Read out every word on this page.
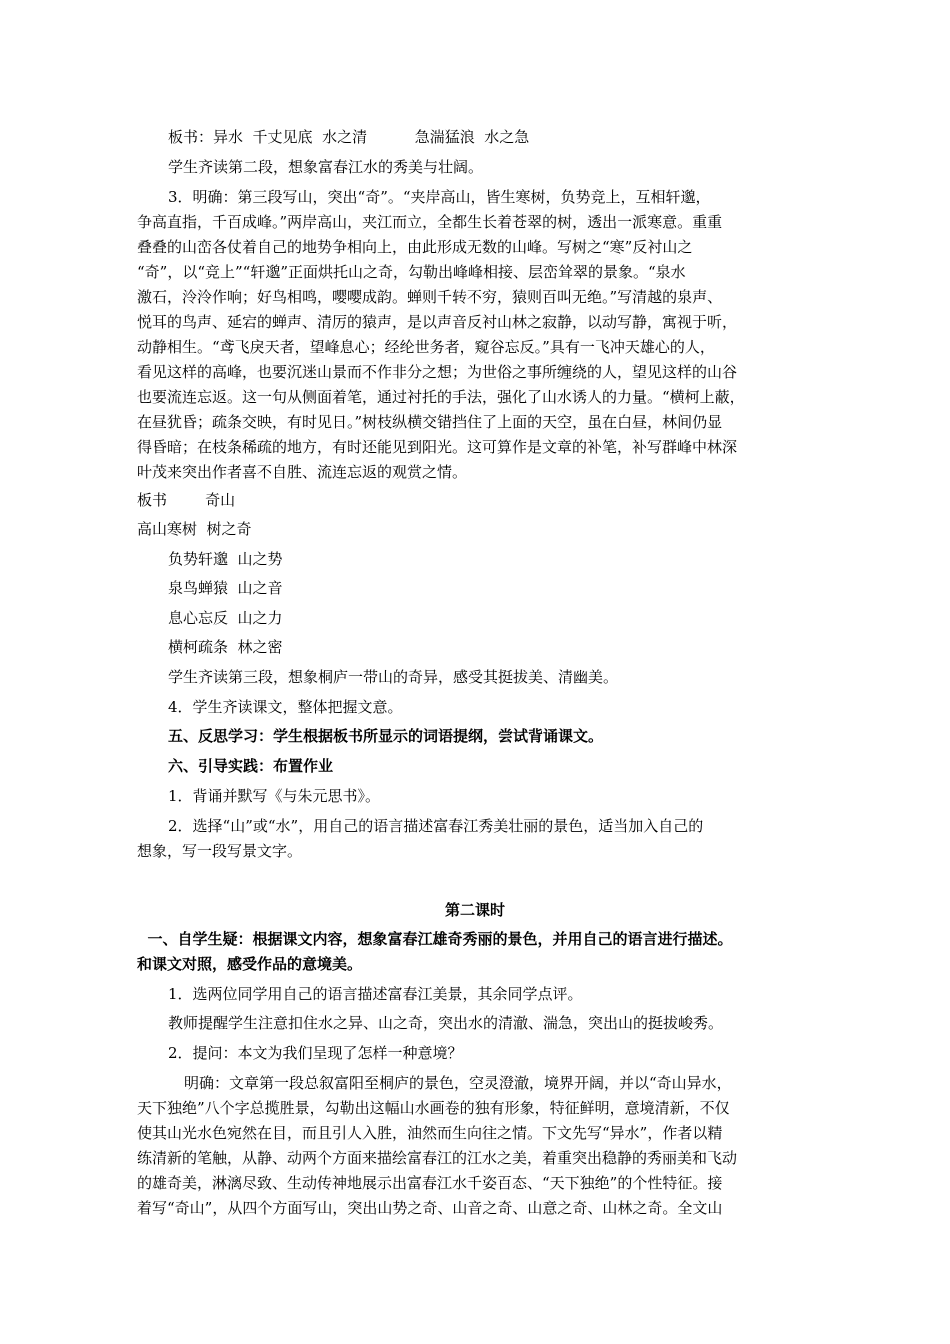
板书：异水  千丈见底  水之清          急湍猛浪  水之急
学生齐读第二段，想象富春江水的秀美与壮阔。
3．明确：第三段写山，突出“奇”。“夹岸高山，皆生寒树，负势竞上，互相轩邈，
争高直指，千百成峰。”两岸高山，夹江而立，全都生长着苍翠的树，透出一派寒意。重重
叠叠的山峦各仗着自己的地势争相向上，由此形成无数的山峰。写树之“寒”反衬山之
“奇”，以“竞上”“轩邈”正面烘托山之奇，勾勒出峰峰相接、层峦耸翠的景象。“泉水
激石，泠泠作响；好鸟相鸣，嘤嘤成韵。蝉则千转不穷，猿则百叫无绝。”写清越的泉声、
悦耳的鸟声、延宕的蝉声、清厉的猿声，是以声音反衬山林之寂静，以动写静，寓视于听，
动静相生。“鸢飞戾天者，望峰息心；经纶世务者，窥谷忘反。”具有一飞冲天雄心的人，
看见这样的高峰，也要沉迷山景而不作非分之想；为世俗之事所缠绕的人，望见这样的山谷
也要流连忘返。这一句从侧面着笔，通过衬托的手法，强化了山水诱人的力量。“横柯上蔽，
在昼犹昏；疏条交映，有时见日。”树枝纵横交错挡住了上面的天空，虽在白昼，林间仍显
得昏暗；在枝条稀疏的地方，有时还能见到阳光。这可算作是文章的补笔，补写群峰中林深
叶茂来突出作者喜不自胜、流连忘返的观赏之情。
板书        奇山
高山寒树  树之奇
负势轩邈  山之势
泉鸟蝉猿  山之音
息心忘反  山之力
横柯疏条  林之密
学生齐读第三段，想象桐庐一带山的奇异，感受其挺拔美、清幽美。
4．学生齐读课文，整体把握文意。
五、反思学习：学生根据板书所显示的词语提纲，尝试背诵课文。
六、引导实践：布置作业
1．背诵并默写《与朱元思书》。
2．选择“山”或“水”，用自己的语言描述富春江秀美壮丽的景色，适当加入自己的
想象，写一段写景文字。
第二课时
一、自学生疑：根据课文内容，想象富春江雄奇秀丽的景色，并用自己的语言进行描述。
和课文对照，感受作品的意境美。
1．选两位同学用自己的语言描述富春江美景，其余同学点评。
教师提醒学生注意扣住水之异、山之奇，突出水的清澈、湍急，突出山的挺拔峻秀。
2．提问：本文为我们呈现了怎样一种意境？
明确：文章第一段总叙富阳至桐庐的景色，空灵澄澈，境界开阔，并以“奇山异水，
天下独绝”八个字总揽胜景，勾勒出这幅山水画卷的独有形象，特征鲜明，意境清新，不仅
使其山光水色宛然在目，而且引人入胜，油然而生向往之情。下文先写“异水”，作者以精
练清新的笔触，从静、动两个方面来描绘富春江的江水之美，着重突出稳静的秀丽美和飞动
的雄奇美，淋漓尽致、生动传神地展示出富春江水千姿百态、“天下独绝”的个性特征。接
着写“奇山”，从四个方面写山，突出山势之奇、山音之奇、山意之奇、山林之奇。全文山
